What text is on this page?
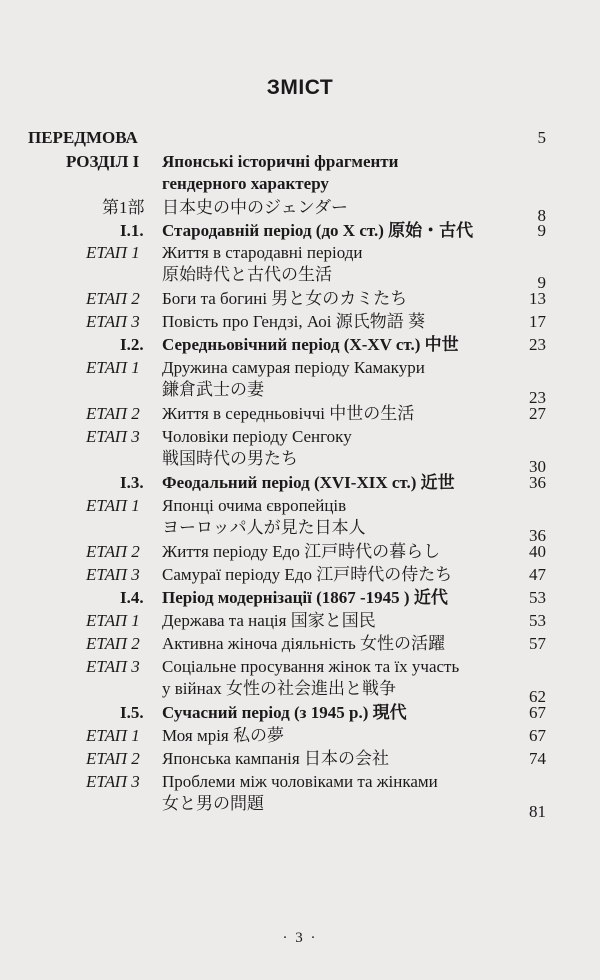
ЗМІСТ
ПЕРЕДМОВА	5
РОЗДІЛ І Японські історичні фрагменти
гендерного характеру
第1部 日本史の中のジェンダー	8
I.1. Стародавній період (до Х ст.) 原始・古代	9
ЕТАП 1 Життя в стародавні періоди
原始時代と古代の生活	9
ЕТАП 2 Боги та богині 男と女のカミたち	13
ЕТАП 3 Повість про Гендзі, Аоі 源氏物語 葵	17
I.2. Середньовічний період (X-XV ст.) 中世	23
ЕТАП 1 Дружина самурая періоду Камакури
鎌倉武士の妻	23
ЕТАП 2 Життя в середньовіччі 中世の生活	27
ЕТАП 3 Чоловіки періоду Сенгоку
戦国時代の男たち	30
I.3. Феодальний період (XVI-XIX ст.) 近世	36
ЕТАП 1 Японці очима європейців
ヨーロッパ人が見た日本人	36
ЕТАП 2 Життя періоду Едо 江戸時代の暮らし	40
ЕТАП 3 Самураї періоду Едо 江戸時代の侍たち	47
I.4. Період модернізації (1867 -1945 ) 近代	53
ЕТАП 1 Держава та нація 国家と国民	53
ЕТАП 2 Активна жіноча діяльність 女性の活躍	57
ЕТАП 3 Соціальне просування жінок та їх участь
у війнах 女性の社会進出と戦争	62
I.5. Сучасний період (з 1945 р.) 現代	67
ЕТАП 1 Моя мрія 私の夢	67
ЕТАП 2 Японська кампанія 日本の会社	74
ЕТАП 3 Проблеми між чоловіками та жінками
女と男の問題	81
· 3 ·
